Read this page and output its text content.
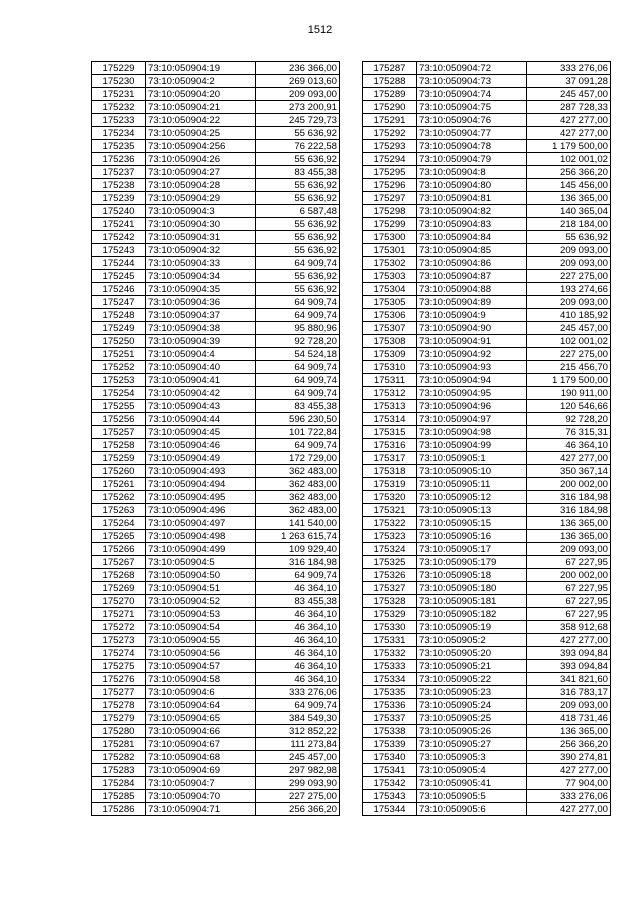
1512
175229	73:10:050904:19	236 366,00
175230	73:10:050904:2	269 013,60
175231	73:10:050904:20	209 093,00
175232	73:10:050904:21	273 200,91
175233	73:10:050904:22	245 729,73
175234	73:10:050904:25	55 636,92
175235	73:10:050904:256	76 222,58
175236	73:10:050904:26	55 636,92
175237	73:10:050904:27	83 455,38
175238	73:10:050904:28	55 636,92
175239	73:10:050904:29	55 636,92
175240	73:10:050904:3	6 587,48
175241	73:10:050904:30	55 636,92
175242	73:10:050904:31	55 636,92
175243	73:10:050904:32	55 636,92
175244	73:10:050904:33	64 909,74
175245	73:10:050904:34	55 636,92
175246	73:10:050904:35	55 636,92
175247	73:10:050904:36	64 909,74
175248	73:10:050904:37	64 909,74
175249	73:10:050904:38	95 880,96
175250	73:10:050904:39	92 728,20
175251	73:10:050904:4	54 524,18
175252	73:10:050904:40	64 909,74
175253	73:10:050904:41	64 909,74
175254	73:10:050904:42	64 909,74
175255	73:10:050904:43	83 455,38
175256	73:10:050904:44	596 230,50
175257	73:10:050904:45	101 722,84
175258	73:10:050904:46	64 909,74
175259	73:10:050904:49	172 729,00
175260	73:10:050904:493	362 483,00
175261	73:10:050904:494	362 483,00
175262	73:10:050904:495	362 483,00
175263	73:10:050904:496	362 483,00
175264	73:10:050904:497	141 540,00
175265	73:10:050904:498	1 263 615,74
175266	73:10:050904:499	109 929,40
175267	73:10:050904:5	316 184,98
175268	73:10:050904:50	64 909,74
175269	73:10:050904:51	46 364,10
175270	73:10:050904:52	83 455,38
175271	73:10:050904:53	46 364,10
175272	73:10:050904:54	46 364,10
175273	73:10:050904:55	46 364,10
175274	73:10:050904:56	46 364,10
175275	73:10:050904:57	46 364,10
175276	73:10:050904:58	46 364,10
175277	73:10:050904:6	333 276,06
175278	73:10:050904:64	64 909,74
175279	73:10:050904:65	384 549,30
175280	73:10:050904:66	312 852,22
175281	73:10:050904:67	111 273,84
175282	73:10:050904:68	245 457,00
175283	73:10:050904:69	297 982,98
175284	73:10:050904:7	299 093,90
175285	73:10:050904:70	227 275,00
175286	73:10:050904:71	256 366,20
175287	73:10:050904:72	333 276,06
175288	73:10:050904:73	37 091,28
175289	73:10:050904:74	245 457,00
175290	73:10:050904:75	287 728,33
175291	73:10:050904:76	427 277,00
175292	73:10:050904:77	427 277,00
175293	73:10:050904:78	1 179 500,00
175294	73:10:050904:79	102 001,02
175295	73:10:050904:8	256 366,20
175296	73:10:050904:80	145 456,00
175297	73:10:050904:81	136 365,00
175298	73:10:050904:82	140 365,04
175299	73:10:050904:83	218 184,00
175300	73:10:050904:84	55 636,92
175301	73:10:050904:85	209 093,00
175302	73:10:050904:86	209 093,00
175303	73:10:050904:87	227 275,00
175304	73:10:050904:88	193 274,66
175305	73:10:050904:89	209 093,00
175306	73:10:050904:9	410 185,92
175307	73:10:050904:90	245 457,00
175308	73:10:050904:91	102 001,02
175309	73:10:050904:92	227 275,00
175310	73:10:050904:93	215 456,70
175311	73:10:050904:94	1 179 500,00
175312	73:10:050904:95	190 911,00
175313	73:10:050904:96	120 546,66
175314	73:10:050904:97	92 728,20
175315	73:10:050904:98	76 315,31
175316	73:10:050904:99	46 364,10
175317	73:10:050905:1	427 277,00
175318	73:10:050905:10	350 367,14
175319	73:10:050905:11	200 002,00
175320	73:10:050905:12	316 184,98
175321	73:10:050905:13	316 184,98
175322	73:10:050905:15	136 365,00
175323	73:10:050905:16	136 365,00
175324	73:10:050905:17	209 093,00
175325	73:10:050905:179	67 227,95
175326	73:10:050905:18	200 002,00
175327	73:10:050905:180	67 227,95
175328	73:10:050905:181	67 227,95
175329	73:10:050905:182	67 227,95
175330	73:10:050905:19	358 912,68
175331	73:10:050905:2	427 277,00
175332	73:10:050905:20	393 094,84
175333	73:10:050905:21	393 094,84
175334	73:10:050905:22	341 821,60
175335	73:10:050905:23	316 783,17
175336	73:10:050905:24	209 093,00
175337	73:10:050905:25	418 731,46
175338	73:10:050905:26	136 365,00
175339	73:10:050905:27	256 366,20
175340	73:10:050905:3	390 274,81
175341	73:10:050905:4	427 277,00
175342	73:10:050905:41	77 904,00
175343	73:10:050905:5	333 276,06
175344	73:10:050905:6	427 277,00
